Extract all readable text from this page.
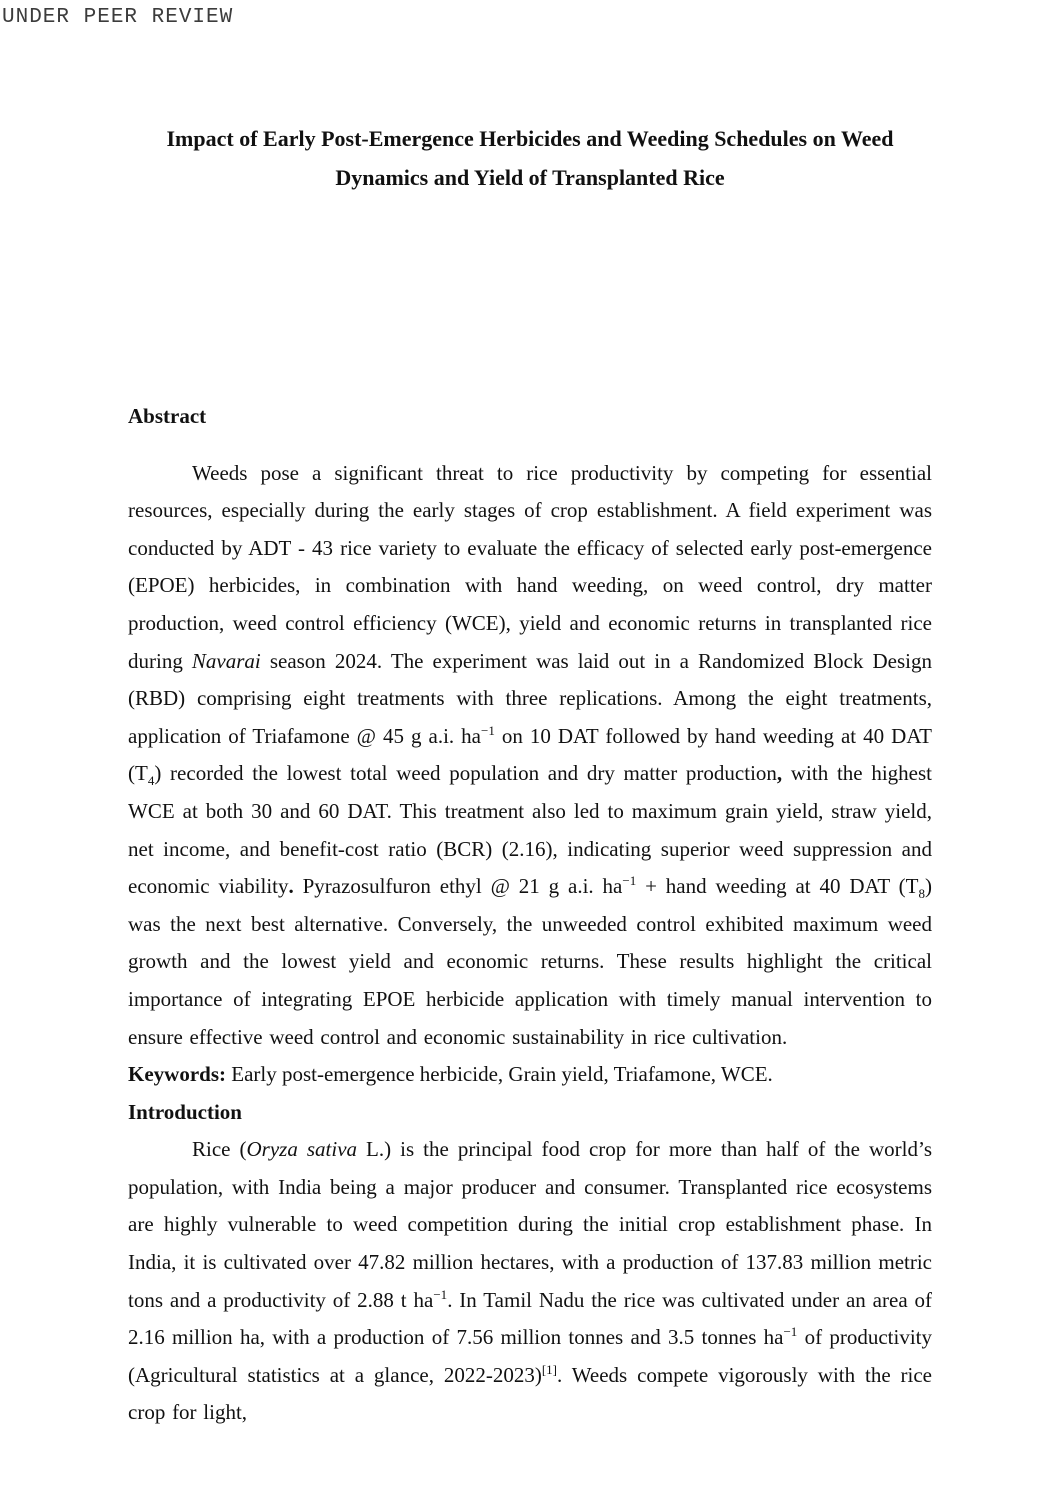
UNDER PEER REVIEW
Impact of Early Post-Emergence Herbicides and Weeding Schedules on Weed
Dynamics and Yield of Transplanted Rice
Abstract

Weeds pose a significant threat to rice productivity by competing for essential resources, especially during the early stages of crop establishment. A field experiment was conducted by ADT - 43 rice variety to evaluate the efficacy of selected early post-emergence (EPOE) herbicides, in combination with hand weeding, on weed control, dry matter production, weed control efficiency (WCE), yield and economic returns in transplanted rice during Navarai season 2024. The experiment was laid out in a Randomized Block Design (RBD) comprising eight treatments with three replications. Among the eight treatments, application of Triafamone @ 45 g a.i. $ha^{-1}$ on 10 DAT followed by hand weeding at 40 DAT $(T_4)$ recorded the lowest total weed population and dry matter production, with the highest WCE at both 30 and 60 DAT. This treatment also led to maximum grain yield, straw yield, net income, and benefit-cost ratio (BCR) (2.16), indicating superior weed suppression and economic viability. Pyrazosulfuron ethyl @ 21 g a.i. $ha^{-1}$ + hand weeding at 40 DAT $(T_8)$ was the next best alternative. Conversely, the unweeded control exhibited maximum weed growth and the lowest yield and economic returns. These results highlight the critical importance of integrating EPOE herbicide application with timely manual intervention to ensure effective weed control and economic sustainability in rice cultivation.

Keywords: Early post-emergence herbicide, Grain yield, Triafamone, WCE.

Introduction

Rice (Oryza sativa L.) is the principal food crop for more than half of the world’s population, with India being a major producer and consumer. Transplanted rice ecosystems are highly vulnerable to weed competition during the initial crop establishment phase. In India, it is cultivated over 47.82 million hectares, with a production of 137.83 million metric tons and a productivity of 2.88 t $ha^{-1}$. In Tamil Nadu the rice was cultivated under an area of 2.16 million ha, with a production of 7.56 million tonnes and 3.5 tonnes $ha^{-1}$ of productivity (Agricultural statistics at a glance, 2022-2023)[1]. Weeds compete vigorously with the rice crop for light,
